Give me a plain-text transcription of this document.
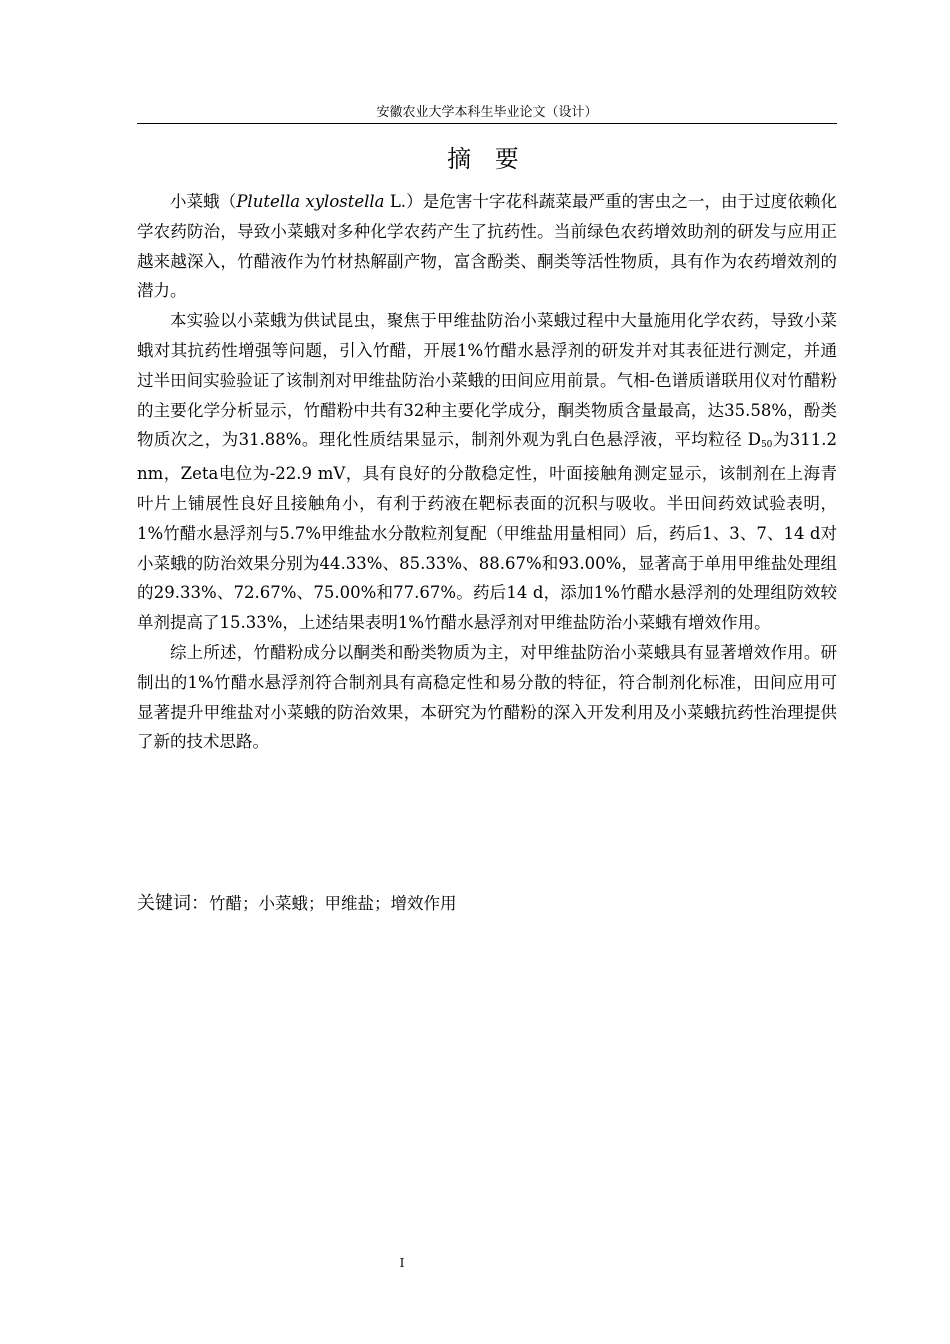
安徽农业大学本科生毕业论文（设计）
摘 要

小菜蛾（Plutella xylostella L.）是危害十字花科蔬菜最严重的害虫之一，由于过度依赖化学农药防治，导致小菜蛾对多种化学农药产生了抗药性。当前绿色农药增效助剂的研发与应用正越来越深入，竹醋液作为竹材热解副产物，富含酚类、酮类等活性物质，具有作为农药增效剂的潜力。

本实验以小菜蛾为供试昆虫，聚焦于甲维盐防治小菜蛾过程中大量施用化学农药，导致小菜蛾对其抗药性增强等问题，引入竹醋，开展1%竹醋水悬浮剂的研发并对其表征进行测定，并通过半田间实验验证了该制剂对甲维盐防治小菜蛾的田间应用前景。气相-色谱质谱联用仪对竹醋粉的主要化学分析显示，竹醋粉中共有32种主要化学成分，酮类物质含量最高，达35.58%，酚类物质次之，为31.88%。理化性质结果显示，制剂外观为乳白色悬浮液，平均粒径 $D_{50}$为311.2 nm，Zeta电位为-22.9 mV，具有良好的分散稳定性，叶面接触角测定显示，该制剂在上海青叶片上铺展性良好且接触角小，有利于药液在靶标表面的沉积与吸收。半田间药效试验表明，1%竹醋水悬浮剂与5.7%甲维盐水分散粒剂复配（甲维盐用量相同）后，药后1、3、7、14 d对小菜蛾的防治效果分别为44.33%、85.33%、88.67%和93.00%，显著高于单用甲维盐处理组的29.33%、72.67%、75.00%和77.67%。药后14 d，添加1%竹醋水悬浮剂的处理组防效较单剂提高了15.33%，上述结果表明1%竹醋水悬浮剂对甲维盐防治小菜蛾有增效作用。

综上所述，竹醋粉成分以酮类和酚类物质为主，对甲维盐防治小菜蛾具有显著增效作用。研制出的1%竹醋水悬浮剂符合制剂具有高稳定性和易分散的特征，符合制剂化标准，田间应用可显著提升甲维盐对小菜蛾的防治效果，本研究为竹醋粉的深入开发利用及小菜蛾抗药性治理提供了新的技术思路。

关键词：竹醋；小菜蛾；甲维盐；增效作用
I
